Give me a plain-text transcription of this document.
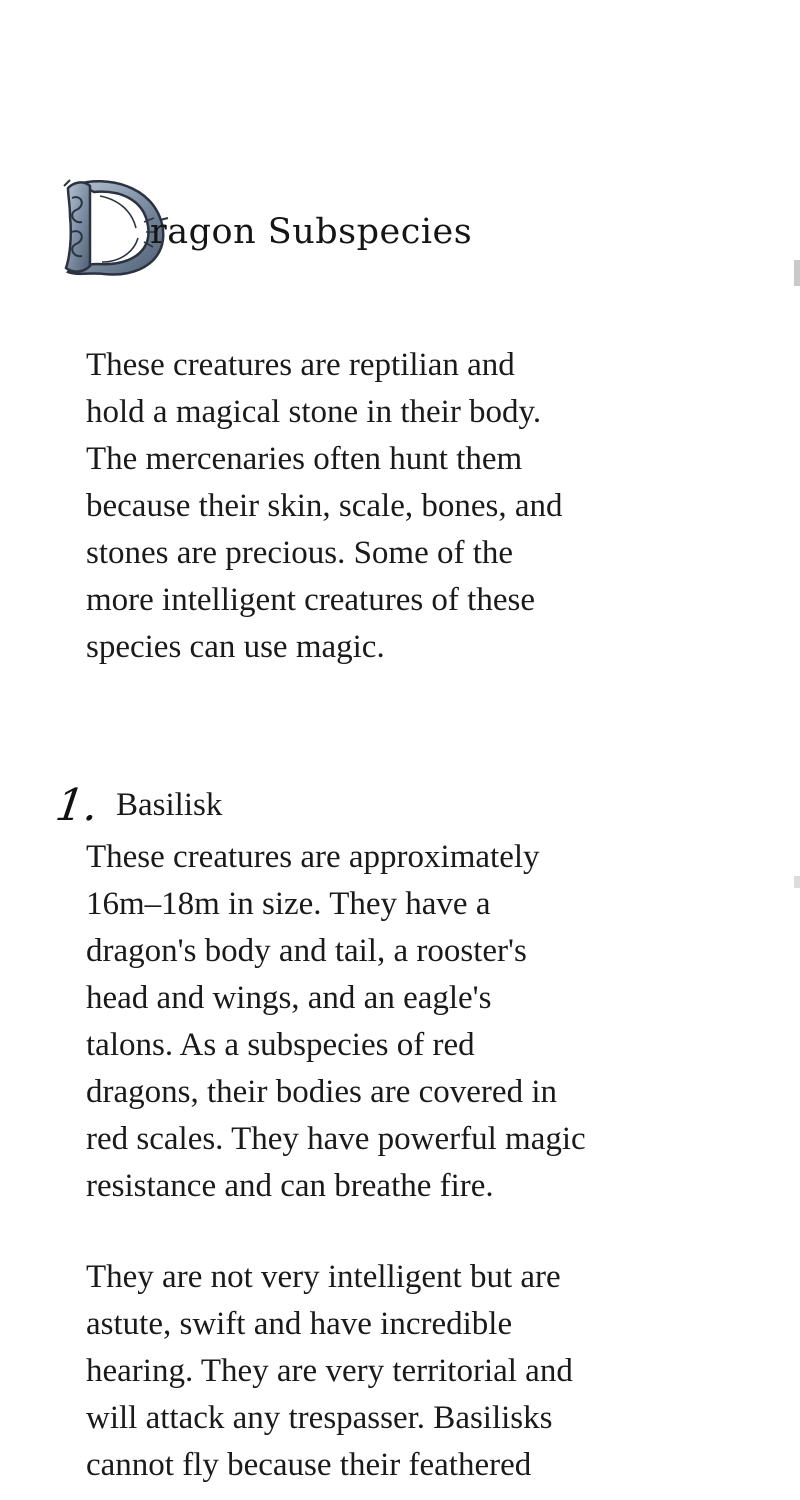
ragon Subspecies
These creatures are reptilian and
hold a magical stone in their body.
The mercenaries often hunt them
because their skin, scale, bones, and
stones are precious. Some of the
more intelligent creatures of these
species can use magic.
1. Basilisk
These creatures are approximately
16m–18m in size. They have a
dragon's body and tail, a rooster's
head and wings, and an eagle's
talons. As a subspecies of red
dragons, their bodies are covered in
red scales. They have powerful magic
resistance and can breathe fire.
They are not very intelligent but are
astute, swift and have incredible
hearing. They are very territorial and
will attack any trespasser. Basilisks
cannot fly because their feathered
